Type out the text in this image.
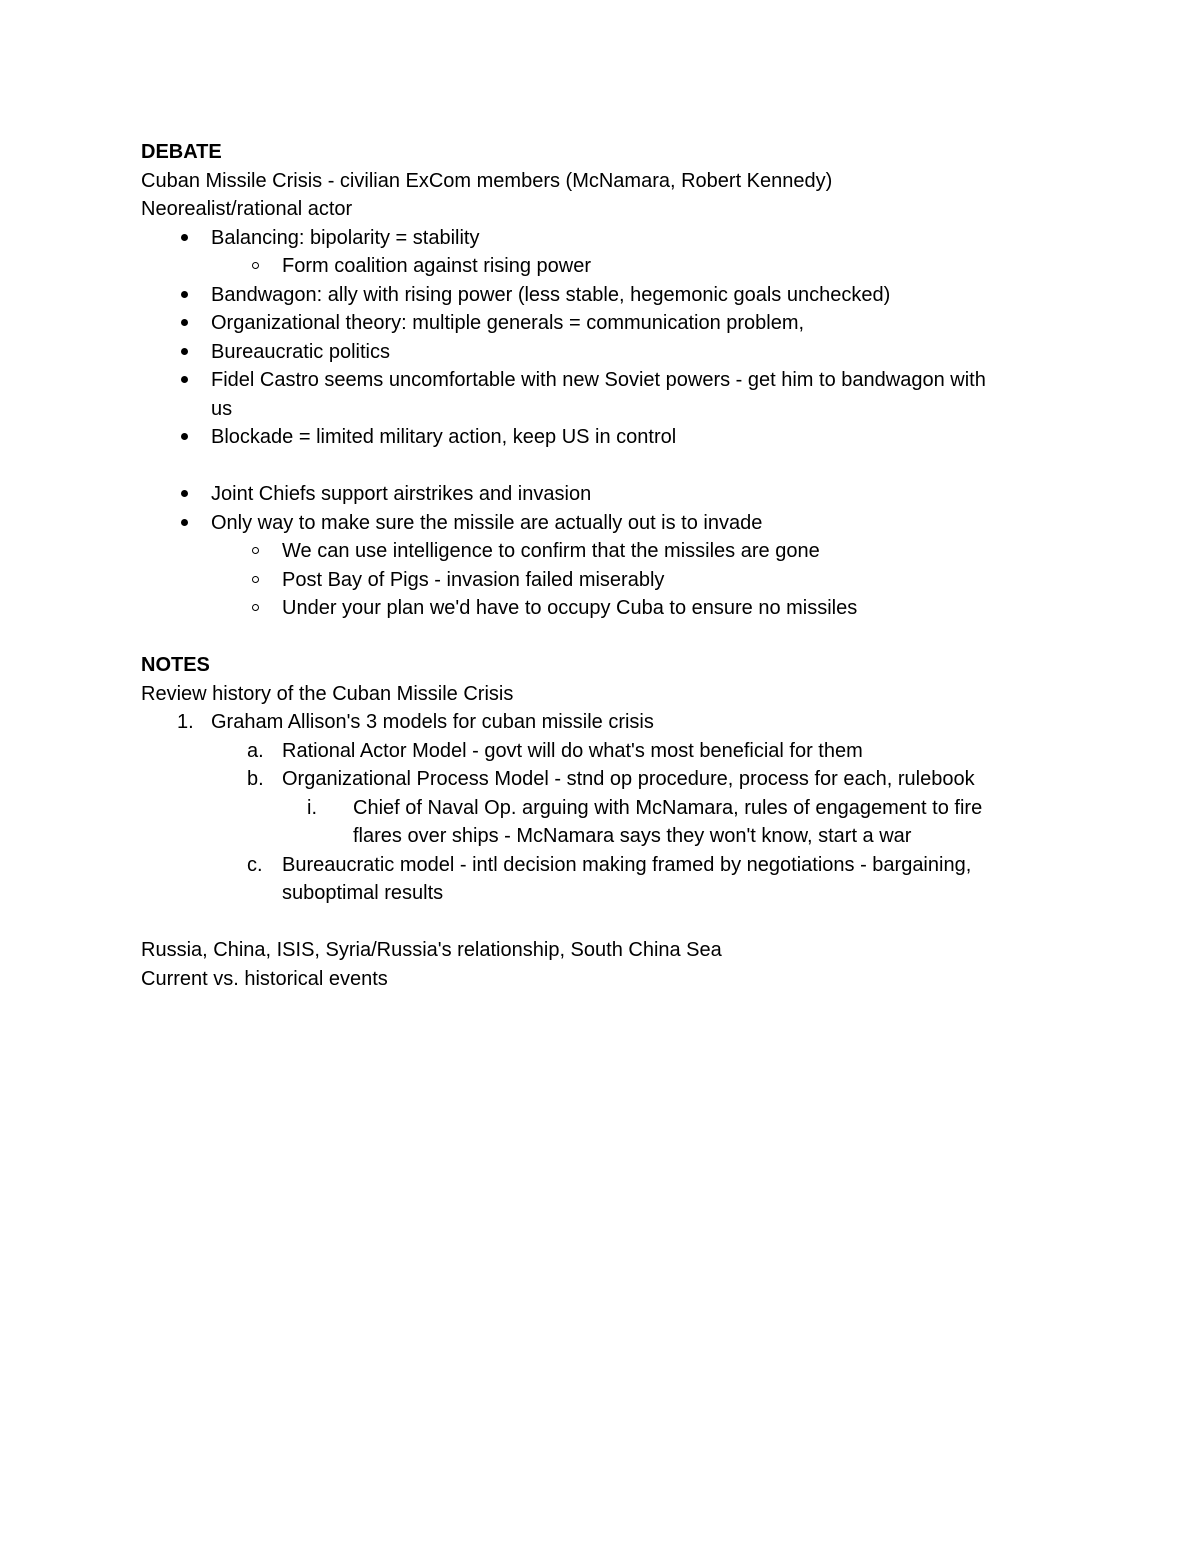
DEBATE

Cuban Missile Crisis - civilian ExCom members (McNamara, Robert Kennedy)

Neorealist/rational actor

Balancing: bipolarity = stability
Form coalition against rising power
Bandwagon: ally with rising power (less stable, hegemonic goals unchecked)
Organizational theory: multiple generals = communication problem,
Bureaucratic politics
Fidel Castro seems uncomfortable with new Soviet powers - get him to bandwagon with
us
Blockade = limited military action, keep US in control
Joint Chiefs support airstrikes and invasion
Only way to make sure the missile are actually out is to invade
We can use intelligence to confirm that the missiles are gone
Post Bay of Pigs - invasion failed miserably
Under your plan we'd have to occupy Cuba to ensure no missiles

NOTES

Review history of the Cuban Missile Crisis

1. Graham Allison's 3 models for cuban missile crisis
a. Rational Actor Model - govt will do what's most beneficial for them
b. Organizational Process Model - stnd op procedure, process for each, rulebook
i. Chief of Naval Op. arguing with McNamara, rules of engagement to fire
flares over ships - McNamara says they won't know, start a war
c. Bureaucratic model - intl decision making framed by negotiations - bargaining,
suboptimal results

Russia, China, ISIS, Syria/Russia's relationship, South China Sea

Current vs. historical events
